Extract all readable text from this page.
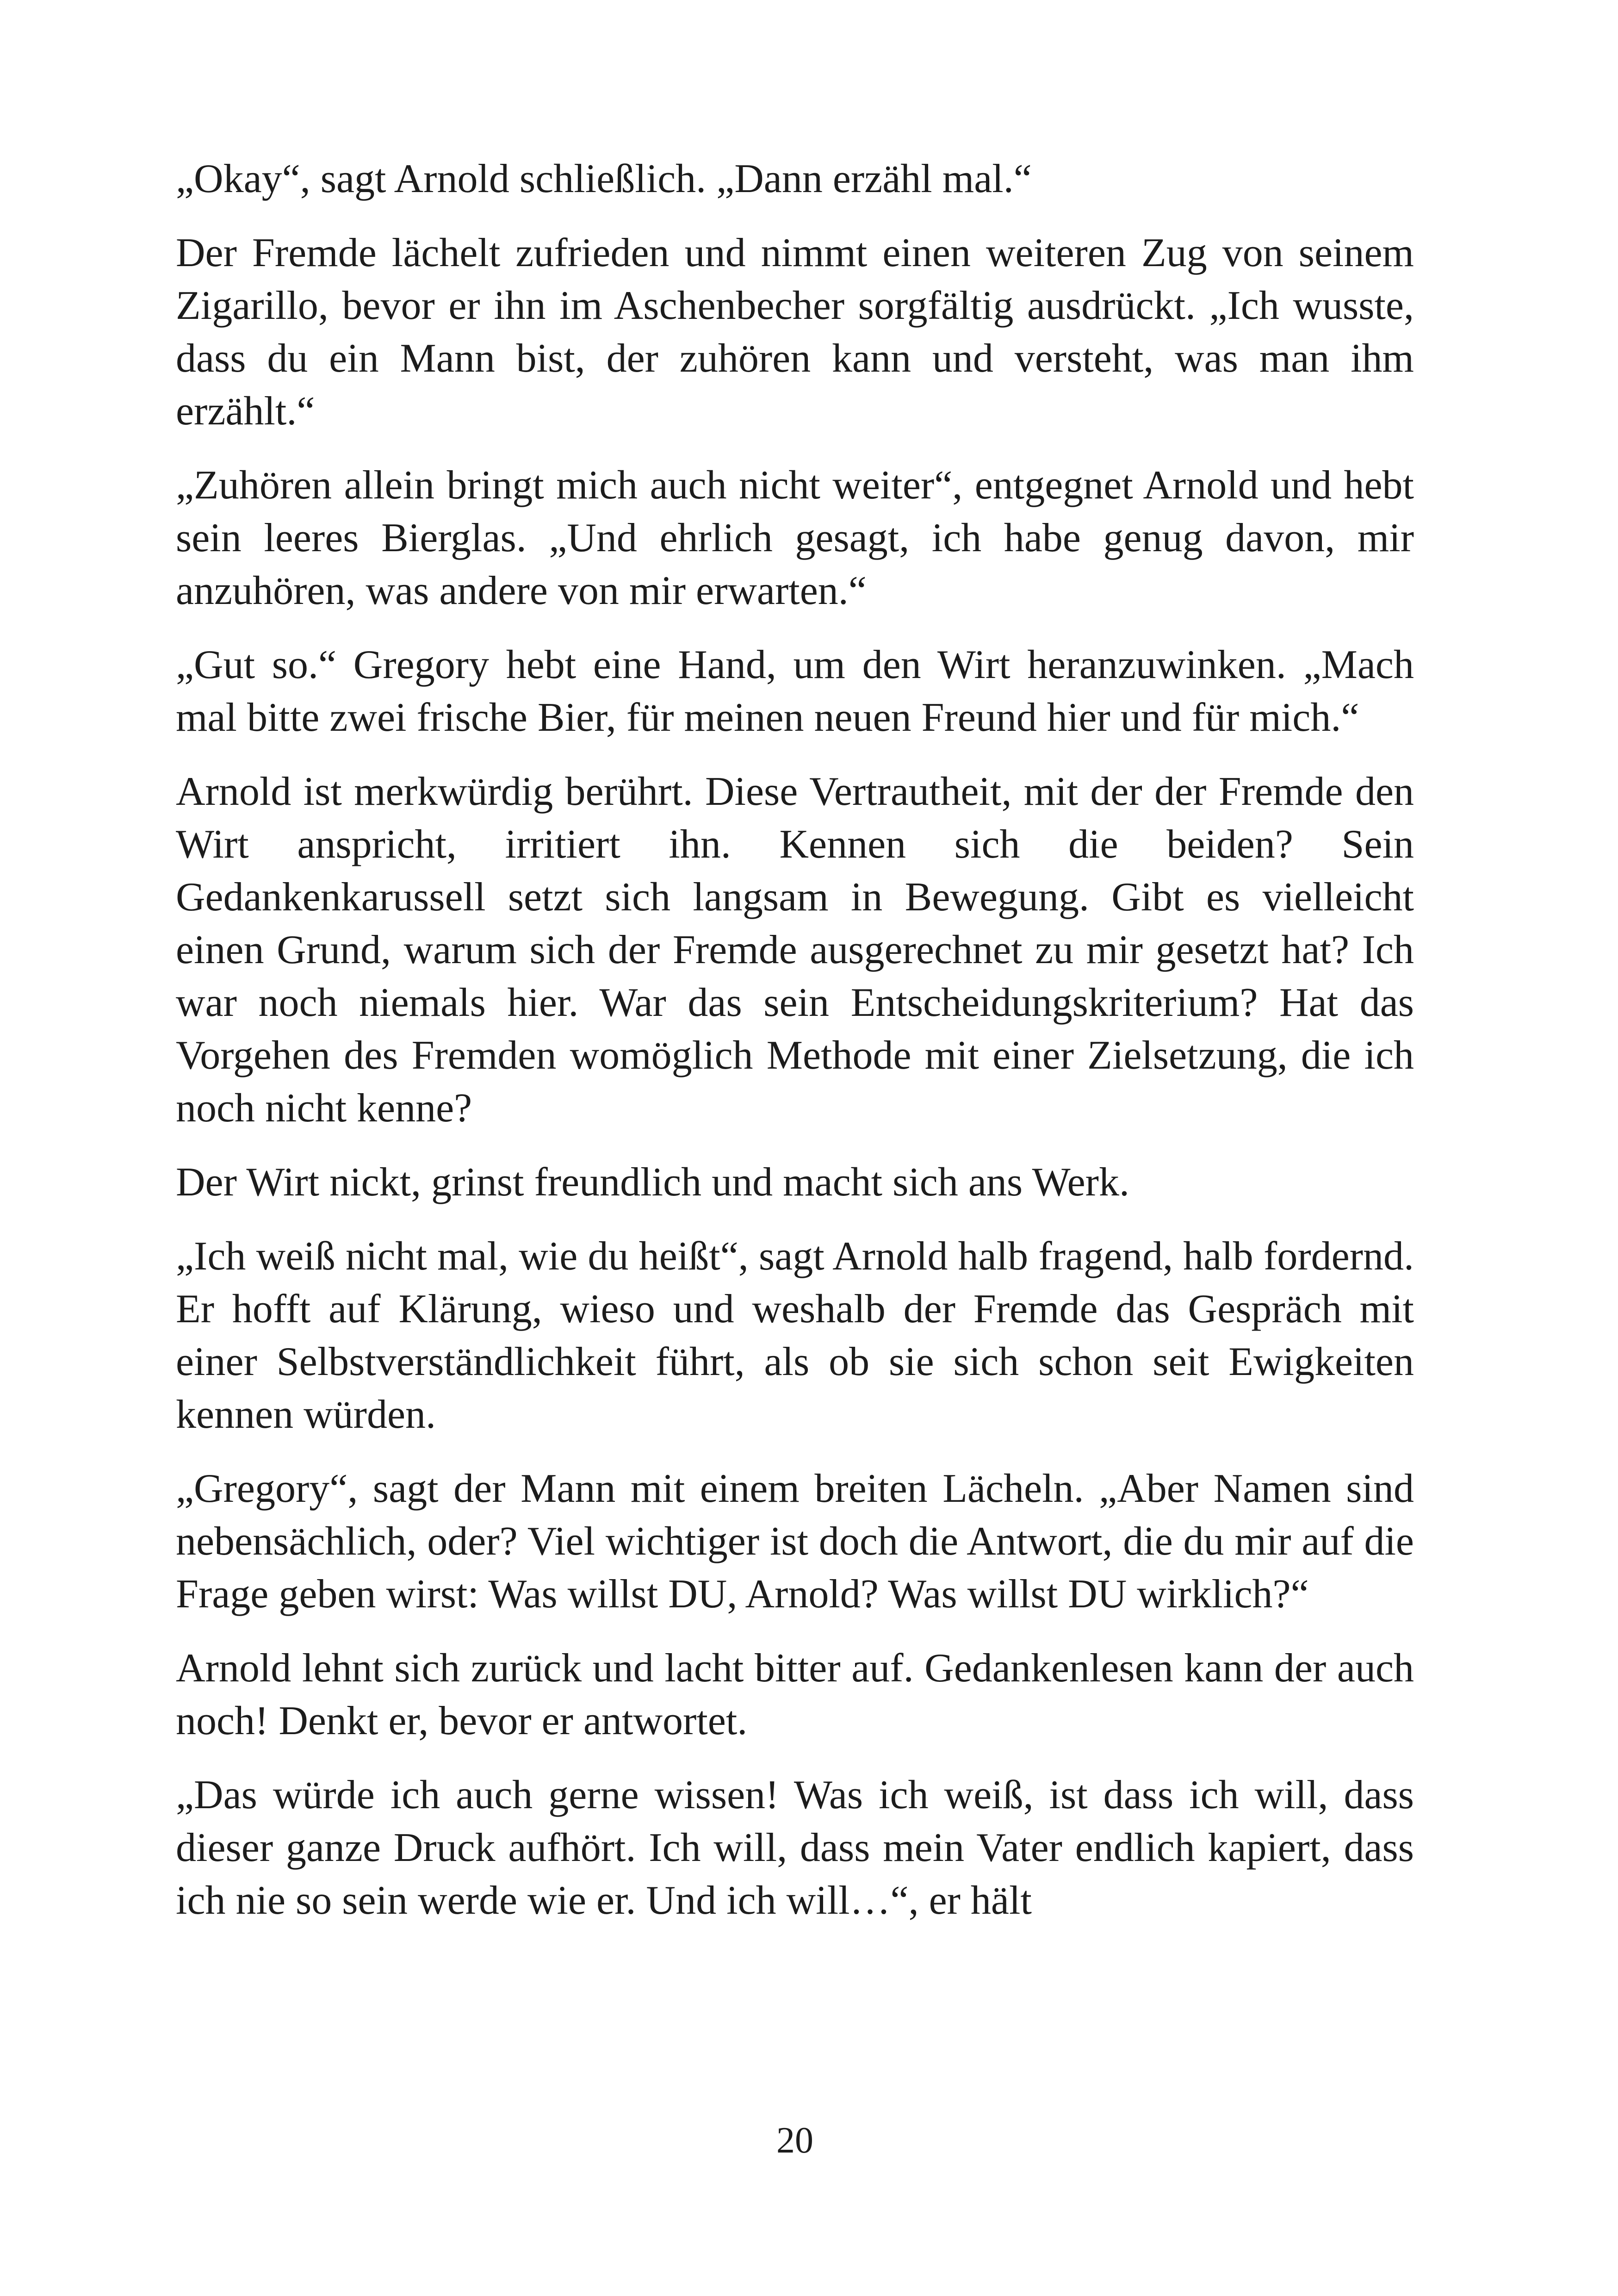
„Okay“, sagt Arnold schließlich. „Dann erzähl mal.“

Der Fremde lächelt zufrieden und nimmt einen weiteren Zug von seinem Zigarillo, bevor er ihn im Aschenbecher sorgfältig ausdrückt. „Ich wusste, dass du ein Mann bist, der zuhören kann und versteht, was man ihm erzählt.“

„Zuhören allein bringt mich auch nicht weiter“, entgegnet Arnold und hebt sein leeres Bierglas. „Und ehrlich gesagt, ich habe genug davon, mir anzuhören, was andere von mir erwarten.“

„Gut so.“ Gregory hebt eine Hand, um den Wirt heranzuwinken. „Mach mal bitte zwei frische Bier, für meinen neuen Freund hier und für mich.“

Arnold ist merkwürdig berührt. Diese Vertrautheit, mit der der Fremde den Wirt anspricht, irritiert ihn. Kennen sich die beiden? Sein Gedankenkarussell setzt sich langsam in Bewegung. Gibt es vielleicht einen Grund, warum sich der Fremde ausgerechnet zu mir gesetzt hat? Ich war noch niemals hier. War das sein Entscheidungskriterium? Hat das Vorgehen des Fremden womöglich Methode mit einer Zielsetzung, die ich noch nicht kenne?

Der Wirt nickt, grinst freundlich und macht sich ans Werk.

„Ich weiß nicht mal, wie du heißt“, sagt Arnold halb fragend, halb fordernd. Er hofft auf Klärung, wieso und weshalb der Fremde das Gespräch mit einer Selbstverständlichkeit führt, als ob sie sich schon seit Ewigkeiten kennen würden.

„Gregory“, sagt der Mann mit einem breiten Lächeln. „Aber Namen sind nebensächlich, oder? Viel wichtiger ist doch die Antwort, die du mir auf die Frage geben wirst: Was willst DU, Arnold? Was willst DU wirklich?“

Arnold lehnt sich zurück und lacht bitter auf. Gedankenlesen kann der auch noch! Denkt er, bevor er antwortet.

„Das würde ich auch gerne wissen! Was ich weiß, ist dass ich will, dass dieser ganze Druck aufhört. Ich will, dass mein Vater endlich kapiert, dass ich nie so sein werde wie er. Und ich will…“, er hält

20
